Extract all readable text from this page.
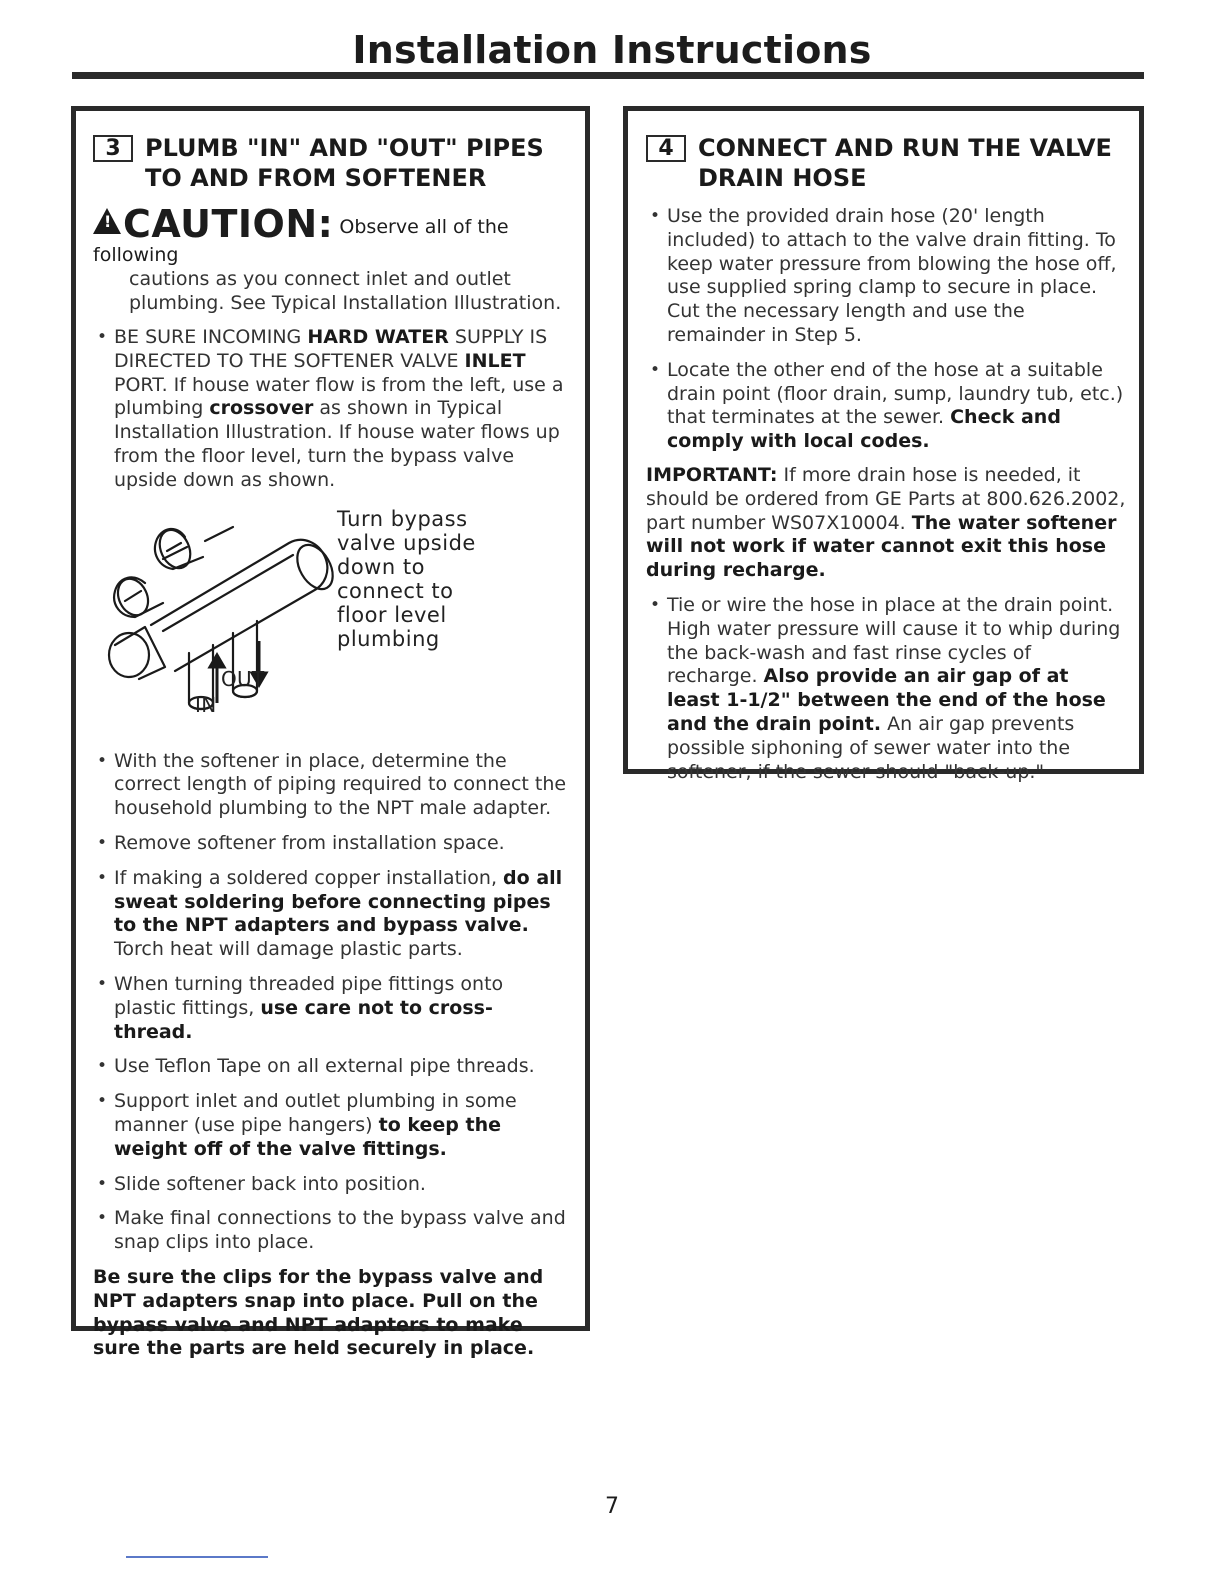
Installation Instructions
3	PLUMB "IN" AND "OUT" PIPES
TO AND FROM SOFTENER
!CAUTION: Observe all of the following
cautions as you connect inlet and outlet plumbing. See Typical Installation Illustration.
• BE SURE INCOMING HARD WATER SUPPLY IS DIRECTED TO THE SOFTENER VALVE INLET PORT. If house water flow is from the left, use a plumbing crossover as shown in Typical Installation Illustration. If house water flows up from the floor level, turn the bypass valve upside down as shown.
Turn bypass valve upside down to connect to floor level plumbing
OUT
IN
• With the softener in place, determine the correct length of piping required to connect the household plumbing to the NPT male adapter.
• Remove softener from installation space.
• If making a soldered copper installation, do all sweat soldering before connecting pipes to the NPT adapters and bypass valve. Torch heat will damage plastic parts.
• When turning threaded pipe fittings onto plastic fittings, use care not to cross-thread.
• Use Teflon Tape on all external pipe threads.
• Support inlet and outlet plumbing in some manner (use pipe hangers) to keep the weight off of the valve fittings.
• Slide softener back into position.
• Make final connections to the bypass valve and snap clips into place.
Be sure the clips for the bypass valve and NPT adapters snap into place. Pull on the bypass valve and NPT adapters to make sure the parts are held securely in place.
4	CONNECT AND RUN THE VALVE
DRAIN HOSE
• Use the provided drain hose (20' length included) to attach to the valve drain fitting. To keep water pressure from blowing the hose off, use supplied spring clamp to secure in place. Cut the necessary length and use the remainder in Step 5.
• Locate the other end of the hose at a suitable drain point (floor drain, sump, laundry tub, etc.) that terminates at the sewer. Check and comply with local codes.
IMPORTANT: If more drain hose is needed, it should be ordered from GE Parts at 800.626.2002, part number WS07X10004. The water softener will not work if water cannot exit this hose during recharge.
• Tie or wire the hose in place at the drain point. High water pressure will cause it to whip during the back-wash and fast rinse cycles of recharge. Also provide an air gap of at least 1-1/2" between the end of the hose and the drain point. An air gap prevents possible siphoning of sewer water into the softener, if the sewer should "back-up."
7
